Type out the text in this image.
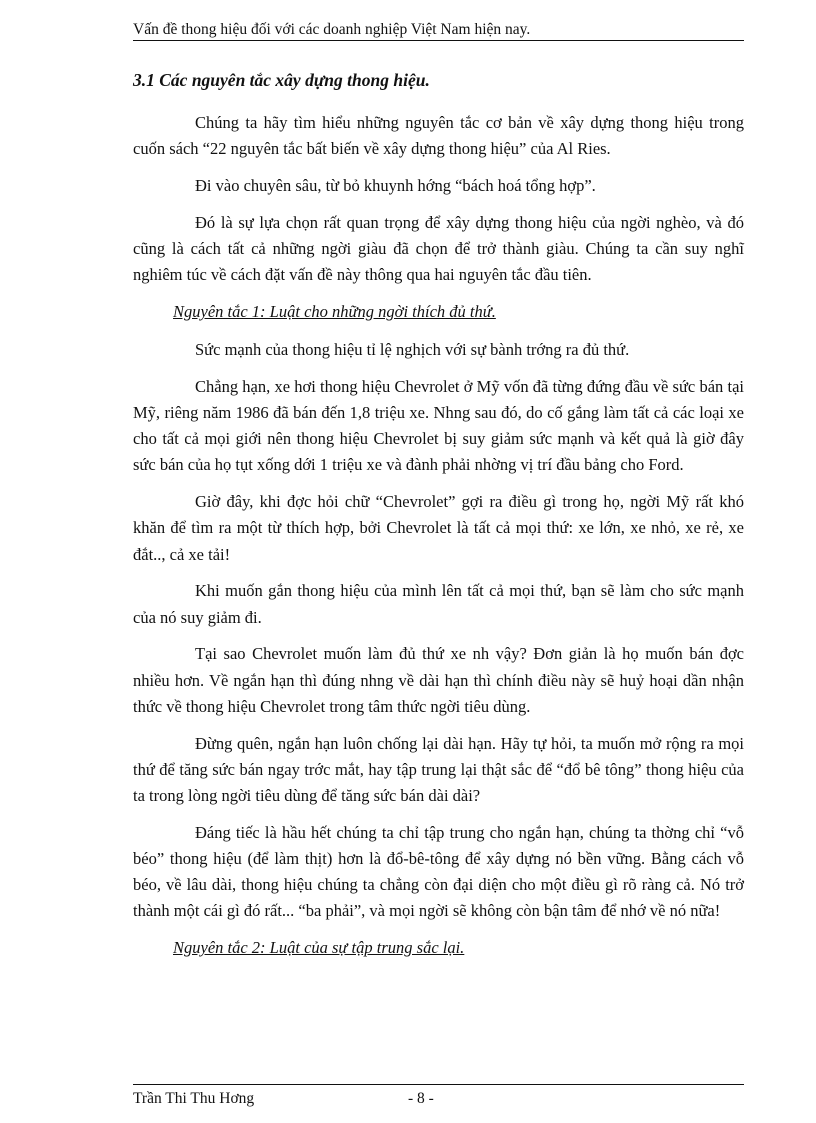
Vấn đề thong hiệu đối với các doanh nghiệp Việt Nam hiện nay.
3.1 Các nguyên tắc xây dựng thong hiệu.

Chúng ta hãy tìm hiểu những nguyên tắc cơ bản về xây dựng thong hiệu trong cuốn sách “22 nguyên tắc bất biến về xây dựng thong hiệu” của Al Ries.

Đi vào chuyên sâu, từ bỏ khuynh hớng “bách hoá tổng hợp”.

Đó là sự lựa chọn rất quan trọng để xây dựng thong hiệu của ngời nghèo, và đó cũng là cách tất cả những ngời giàu đã chọn để trở thành giàu. Chúng ta cần suy nghĩ nghiêm túc về cách đặt vấn đề này thông qua hai nguyên tắc đầu tiên.

Nguyên tắc 1: Luật cho những ngời thích đủ thứ.

Sức mạnh của thong hiệu tỉ lệ nghịch với sự bành trớng ra đủ thứ.

Chẳng hạn, xe hơi thong hiệu Chevrolet ở Mỹ vốn đã từng đứng đầu về sức bán tại Mỹ, riêng năm 1986 đã bán đến 1,8 triệu xe. Nhng sau đó, do cố gắng làm tất cả các loại xe cho tất cả mọi giới nên thong hiệu Chevrolet bị suy giảm sức mạnh và kết quả là giờ đây sức bán của họ tụt xống dới 1 triệu xe và đành phải nhờng vị trí đầu bảng cho Ford.

Giờ đây, khi đợc hỏi chữ “Chevrolet” gợi ra điều gì trong họ, ngời Mỹ rất khó khăn để tìm ra một từ thích hợp, bởi Chevrolet là tất cả mọi thứ: xe lớn, xe nhỏ, xe rẻ, xe đắt.., cả xe tải!

Khi muốn gắn thong hiệu của mình lên tất cả mọi thứ, bạn sẽ làm cho sức mạnh của nó suy giảm đi.

Tại sao Chevrolet muốn làm đủ thứ xe nh vậy? Đơn giản là họ muốn bán đợc nhiều hơn. Về ngắn hạn thì đúng nhng về dài hạn thì chính điều này sẽ huỷ hoại dần nhận thức về thong hiệu Chevrolet trong tâm thức ngời tiêu dùng.

Đừng quên, ngắn hạn luôn chống lại dài hạn. Hãy tự hỏi, ta muốn mở rộng ra mọi thứ để tăng sức bán ngay trớc mắt, hay tập trung lại thật sắc để “đổ bê tông” thong hiệu của ta trong lòng ngời tiêu dùng để tăng sức bán dài dài?

Đáng tiếc là hầu hết chúng ta chỉ tập trung cho ngắn hạn, chúng ta thờng chỉ “vỗ béo” thong hiệu (để làm thịt) hơn là đổ-bê-tông để xây dựng nó bền vững. Bằng cách vỗ béo, về lâu dài, thong hiệu chúng ta chẳng còn đại diện cho một điều gì rõ ràng cả. Nó trở thành một cái gì đó rất... “ba phải”, và mọi ngời sẽ không còn bận tâm để nhớ về nó nữa!

Nguyên tắc 2: Luật của sự tập trung sắc lại.
Trần Thi Thu Hơng	- 8 -
